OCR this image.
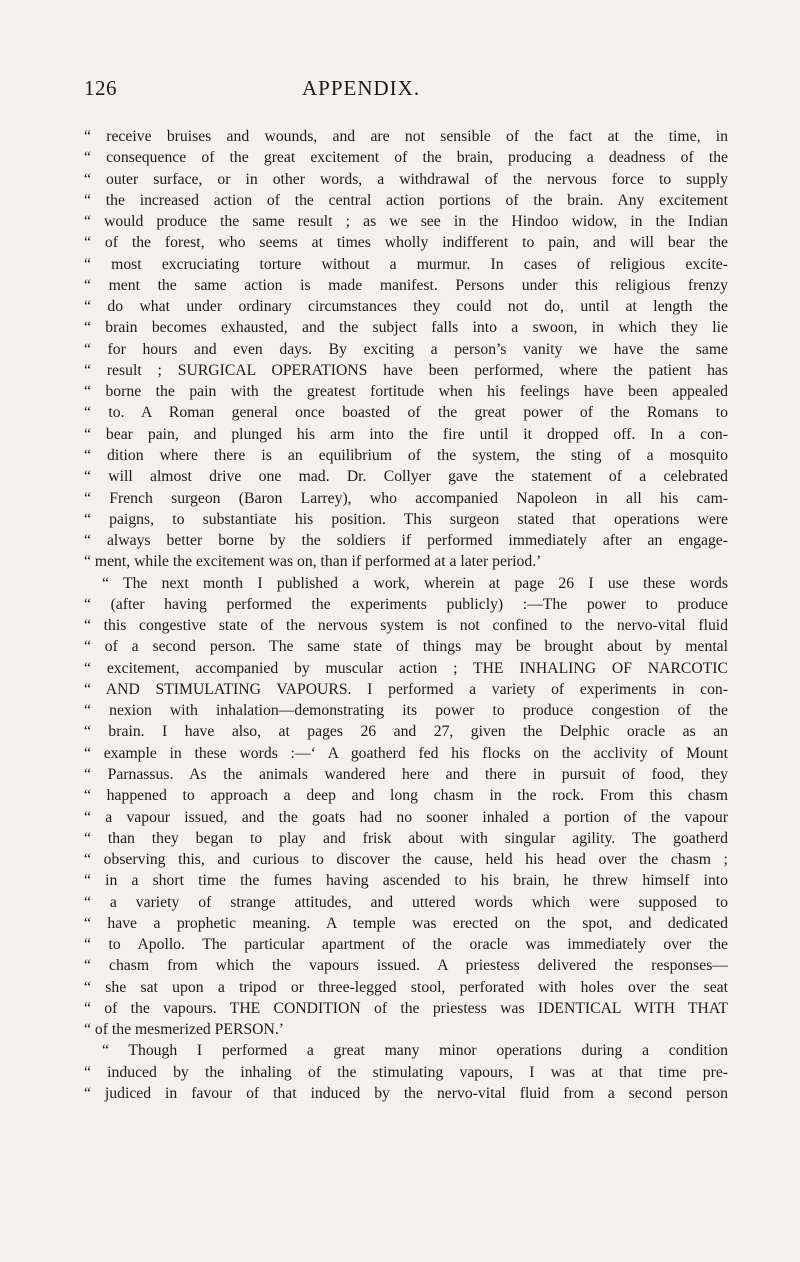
126	APPENDIX.
“ receive bruises and wounds, and are not sensible of the fact at the time, in
“ consequence of the great excitement of the brain, producing a deadness of the
“ outer surface, or in other words, a withdrawal of the nervous force to supply
“ the increased action of the central action portions of the brain. Any excitement
“ would produce the same result ; as we see in the Hindoo widow, in the Indian
“ of the forest, who seems at times wholly indifferent to pain, and will bear the
“ most excruciating torture without a murmur. In cases of religious excite-
“ ment the same action is made manifest. Persons under this religious frenzy
“ do what under ordinary circumstances they could not do, until at length the
“ brain becomes exhausted, and the subject falls into a swoon, in which they lie
“ for hours and even days. By exciting a person’s vanity we have the same
“ result ; SURGICAL OPERATIONS have been performed, where the patient has
“ borne the pain with the greatest fortitude when his feelings have been appealed
“ to. A Roman general once boasted of the great power of the Romans to
“ bear pain, and plunged his arm into the fire until it dropped off. In a con-
“ dition where there is an equilibrium of the system, the sting of a mosquito
“ will almost drive one mad. Dr. Collyer gave the statement of a celebrated
“ French surgeon (Baron Larrey), who accompanied Napoleon in all his cam-
“ paigns, to substantiate his position. This surgeon stated that operations were
“ always better borne by the soldiers if performed immediately after an engage-
“ ment, while the excitement was on, than if performed at a later period.’
“ The next month I published a work, wherein at page 26 I use these words
“ (after having performed the experiments publicly) :—The power to produce
“ this congestive state of the nervous system is not confined to the nervo-vital fluid
“ of a second person. The same state of things may be brought about by mental
“ excitement, accompanied by muscular action ; THE INHALING OF NARCOTIC
“ AND STIMULATING VAPOURS. I performed a variety of experiments in con-
“ nexion with inhalation—demonstrating its power to produce congestion of the
“ brain. I have also, at pages 26 and 27, given the Delphic oracle as an
“ example in these words :—‘ A goatherd fed his flocks on the acclivity of Mount
“ Parnassus. As the animals wandered here and there in pursuit of food, they
“ happened to approach a deep and long chasm in the rock. From this chasm
“ a vapour issued, and the goats had no sooner inhaled a portion of the vapour
“ than they began to play and frisk about with singular agility. The goatherd
“ observing this, and curious to discover the cause, held his head over the chasm ;
“ in a short time the fumes having ascended to his brain, he threw himself into
“ a variety of strange attitudes, and uttered words which were supposed to
“ have a prophetic meaning. A temple was erected on the spot, and dedicated
“ to Apollo. The particular apartment of the oracle was immediately over the
“ chasm from which the vapours issued. A priestess delivered the responses—
“ she sat upon a tripod or three-legged stool, perforated with holes over the seat
“ of the vapours. THE CONDITION of the priestess was IDENTICAL WITH THAT
“ of the mesmerized PERSON.’
“ Though I performed a great many minor operations during a condition
“ induced by the inhaling of the stimulating vapours, I was at that time pre-
“ judiced in favour of that induced by the nervo-vital fluid from a second person
